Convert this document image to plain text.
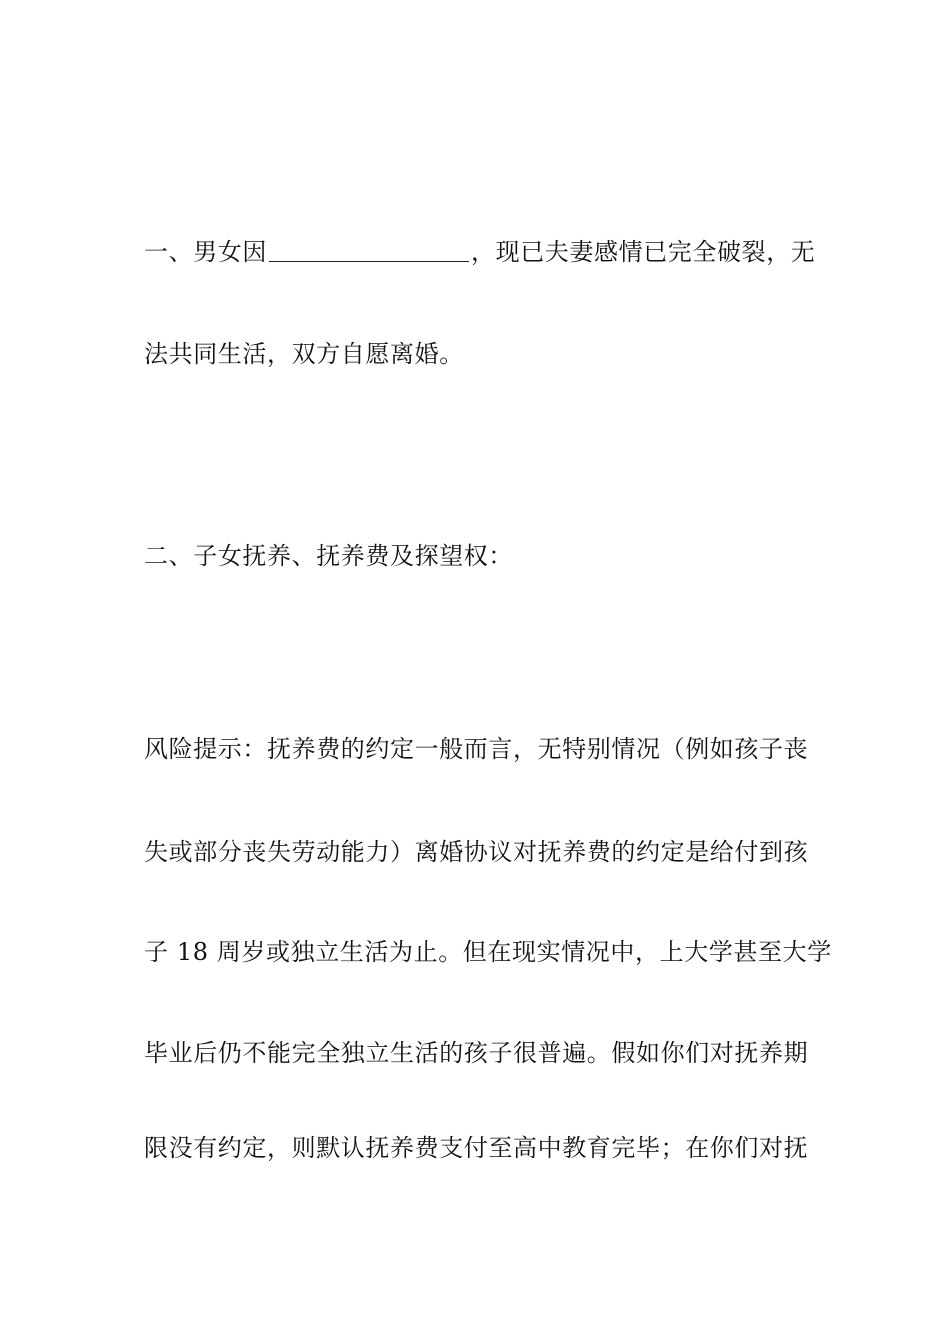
一、男女因	，现已夫妻感情已完全破裂，无
法共同生活，双方自愿离婚。
二、子女抚养、抚养费及探望权：
风险提示：抚养费的约定一般而言，无特别情况（例如孩子丧
失或部分丧失劳动能力）离婚协议对抚养费的约定是给付到孩
子 18 周岁或独立生活为止。但在现实情况中，上大学甚至大学
毕业后仍不能完全独立生活的孩子很普遍。假如你们对抚养期
限没有约定，则默认抚养费支付至高中教育完毕；在你们对抚
